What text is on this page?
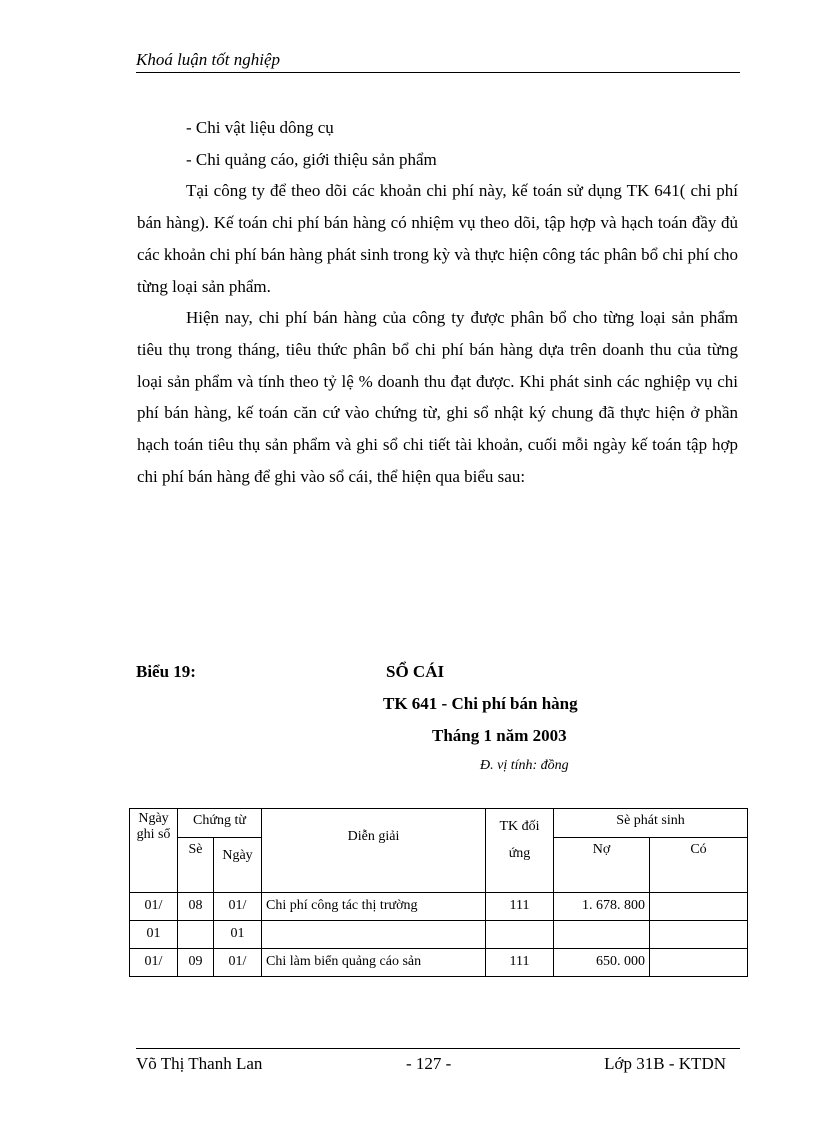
Khoá luận tốt nghiệp

- Chi vật liệu dông cụ

- Chi quảng cáo, giới thiệu sản phẩm

Tại công ty để theo dõi các khoản chi phí này, kế toán sử dụng TK 641( chi phí bán hàng). Kế toán chi phí bán hàng có nhiệm vụ theo dõi, tập hợp và hạch toán đầy đủ các khoản chi phí bán hàng phát sinh trong kỳ và thực hiện công tác phân bổ chi phí cho từng loại sản phẩm.

Hiện nay, chi phí bán hàng của công ty được phân bổ cho từng loại sản phẩm tiêu thụ trong tháng, tiêu thức phân bổ chi phí bán hàng dựa trên doanh thu của từng loại sản phẩm và tính theo tỷ lệ % doanh thu đạt được. Khi phát sinh các nghiệp vụ chi phí bán hàng, kế toán căn cứ vào chứng từ, ghi sổ nhật ký chung đã thực hiện ở phần hạch toán tiêu thụ sản phẩm và ghi sổ chi tiết tài khoản, cuối mỗi ngày kế toán tập hợp chi phí bán hàng để ghi vào sổ cái, thể hiện qua biểu sau:

Biểu 19:	SỔ CÁI
TK 641 - Chi phí bán hàng
Tháng 1 năm 2003
Đ. vị tính: đồng
Ngày ghi sổ	Chứng từ		Diễn giải	TK đối ứng	Sè phát sinh	
	Sè	Ngày			Nợ	Có
01/	08	01/	Chi phí công tác thị trường	111	1. 678. 800	
01		01				
01/	09	01/	Chi làm biển quảng cáo sản	111	650. 000	
Võ Thị Thanh Lan	- 127 -	Lớp 31B - KTDN
